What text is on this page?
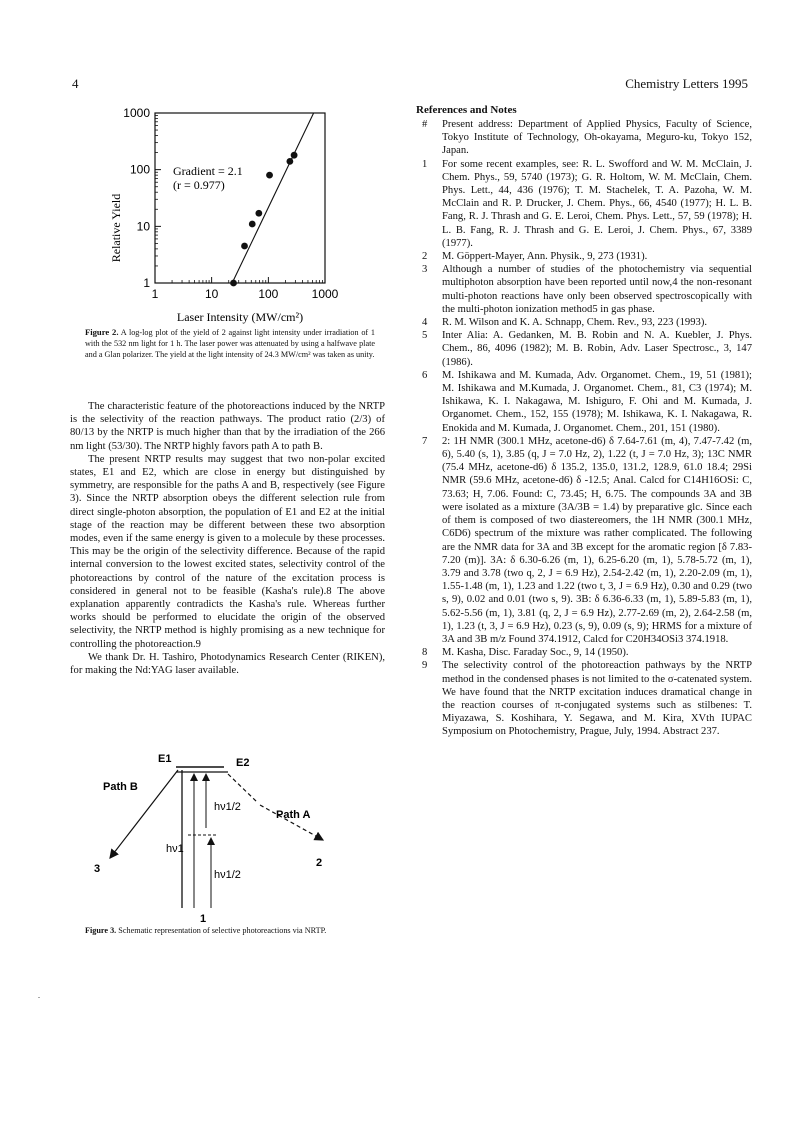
4	Chemistry Letters 1995
1	10	100	1000
1
10
100
1000
Relative Yield
Laser Intensity (MW/cm²)
Gradient = 2.1
(r = 0.977)
Figure 2. A log-log plot of the yield of 2 against light intensity under irradiation of 1 with the 532 nm light for 1 h. The laser power was attenuated by using a halfwave plate and a Glan polarizer. The yield at the light intensity of 24.3 MW/cm² was taken as unity.

The characteristic feature of the photoreactions induced by the NRTP is the selectivity of the reaction pathways. The product ratio (2/3) of 80/13 by the NRTP is much higher than that by the irradiation of the 266 nm light (53/30). The NRTP highly favors path A to path B.

The present NRTP results may suggest that two non-polar excited states, E1 and E2, which are close in energy but distinguished by symmetry, are responsible for the paths A and B, respectively (see Figure 3). Since the NRTP absorption obeys the different selection rule from direct single-photon absorption, the population of E1 and E2 at the initial stage of the reaction may be different between these two absorption modes, even if the same energy is given to a molecule by these processes. This may be the origin of the selectivity difference. Because of the rapid internal conversion to the lowest excited states, selectivity control of the photoreactions by control of the nature of the excitation process is considered in general not to be feasible (Kasha's rule).8 The above explanation apparently contradicts the Kasha's rule. Whereas further works should be performed to elucidate the origin of the observed selectivity, the NRTP method is highly promising as a new technique for controlling the photoreaction.9

We thank Dr. H. Tashiro, Photodynamics Research Center (RIKEN), for making the Nd:YAG laser available.

E1	E2
Path B
Path A
hν1
hν1/2
hν1/2
3	2
1
Figure 3. Schematic representation of selective photoreactions via NRTP.
References and Notes
#	Present address: Department of Applied Physics, Faculty of Science, Tokyo Institute of Technology, Oh-okayama, Meguro-ku, Tokyo 152, Japan.
1	For some recent examples, see: R. L. Swofford and W. M. McClain, J. Chem. Phys., 59, 5740 (1973); G. R. Holtom, W. M. McClain, Chem. Phys. Lett., 44, 436 (1976); T. M. Stachelek, T. A. Pazoha, W. M. McClain and R. P. Drucker, J. Chem. Phys., 66, 4540 (1977); H. L. B. Fang, R. J. Thrash and G. E. Leroi, Chem. Phys. Lett., 57, 59 (1978); H. L. B. Fang, R. J. Thrash and G. E. Leroi, J. Chem. Phys., 67, 3389 (1977).
2	M. Göppert-Mayer, Ann. Physik., 9, 273 (1931).
3	Although a number of studies of the photochemistry via sequential multiphoton absorption have been reported until now,4 the non-resonant multi-photon reactions have only been observed spectroscopically with the multi-photon ionization method5 in gas phase.
4	R. M. Wilson and K. A. Schnapp, Chem. Rev., 93, 223 (1993).
5	Inter Alia: A. Gedanken, M. B. Robin and N. A. Kuebler, J. Phys. Chem., 86, 4096 (1982); M. B. Robin, Adv. Laser Spectrosc., 3, 147 (1986).
6	M. Ishikawa and M. Kumada, Adv. Organomet. Chem., 19, 51 (1981); M. Ishikawa and M.Kumada, J. Organomet. Chem., 81, C3 (1974); M. Ishikawa, K. I. Nakagawa, M. Ishiguro, F. Ohi and M. Kumada, J. Organomet. Chem., 152, 155 (1978); M. Ishikawa, K. I. Nakagawa, R. Enokida and M. Kumada, J. Organomet. Chem., 201, 151 (1980).
7	2: 1H NMR (300.1 MHz, acetone-d6) δ 7.64-7.61 (m, 4), 7.47-7.42 (m, 6), 5.40 (s, 1), 3.85 (q, J = 7.0 Hz, 2), 1.22 (t, J = 7.0 Hz, 3); 13C NMR (75.4 MHz, acetone-d6) δ 135.2, 135.0, 131.2, 128.9, 61.0 18.4; 29Si NMR (59.6 MHz, acetone-d6) δ -12.5; Anal. Calcd for C14H16OSi: C, 73.63; H, 7.06. Found: C, 73.45; H, 6.75. The compounds 3A and 3B were isolated as a mixture (3A/3B = 1.4) by preparative glc. Since each of them is composed of two diastereomers, the 1H NMR (300.1 MHz, C6D6) spectrum of the mixture was rather complicated. The following are the NMR data for 3A and 3B except for the aromatic region [δ 7.83-7.20 (m)]. 3A: δ 6.30-6.26 (m, 1), 6.25-6.20 (m, 1), 5.78-5.72 (m, 1), 3.79 and 3.78 (two q, 2, J = 6.9 Hz), 2.54-2.42 (m, 1), 2.20-2.09 (m, 1), 1.55-1.48 (m, 1), 1.23 and 1.22 (two t, 3, J = 6.9 Hz), 0.30 and 0.29 (two s, 9), 0.02 and 0.01 (two s, 9). 3B: δ 6.36-6.33 (m, 1), 5.89-5.83 (m, 1), 5.62-5.56 (m, 1), 3.81 (q, 2, J = 6.9 Hz), 2.77-2.69 (m, 2), 2.64-2.58 (m, 1), 1.23 (t, 3, J = 6.9 Hz), 0.23 (s, 9), 0.09 (s, 9); HRMS for a mixture of 3A and 3B m/z Found 374.1912, Calcd for C20H34OSi3 374.1918.
8	M. Kasha, Disc. Faraday Soc., 9, 14 (1950).
9	The selectivity control of the photoreaction pathways by the NRTP method in the condensed phases is not limited to the σ-catenated system. We have found that the NRTP excitation induces dramatical change in the reaction courses of π-conjugated systems such as stilbenes: T. Miyazawa, S. Koshihara, Y. Segawa, and M. Kira, XVth IUPAC Symposium on Photochemistry, Prague, July, 1994. Abstract 237.
.
